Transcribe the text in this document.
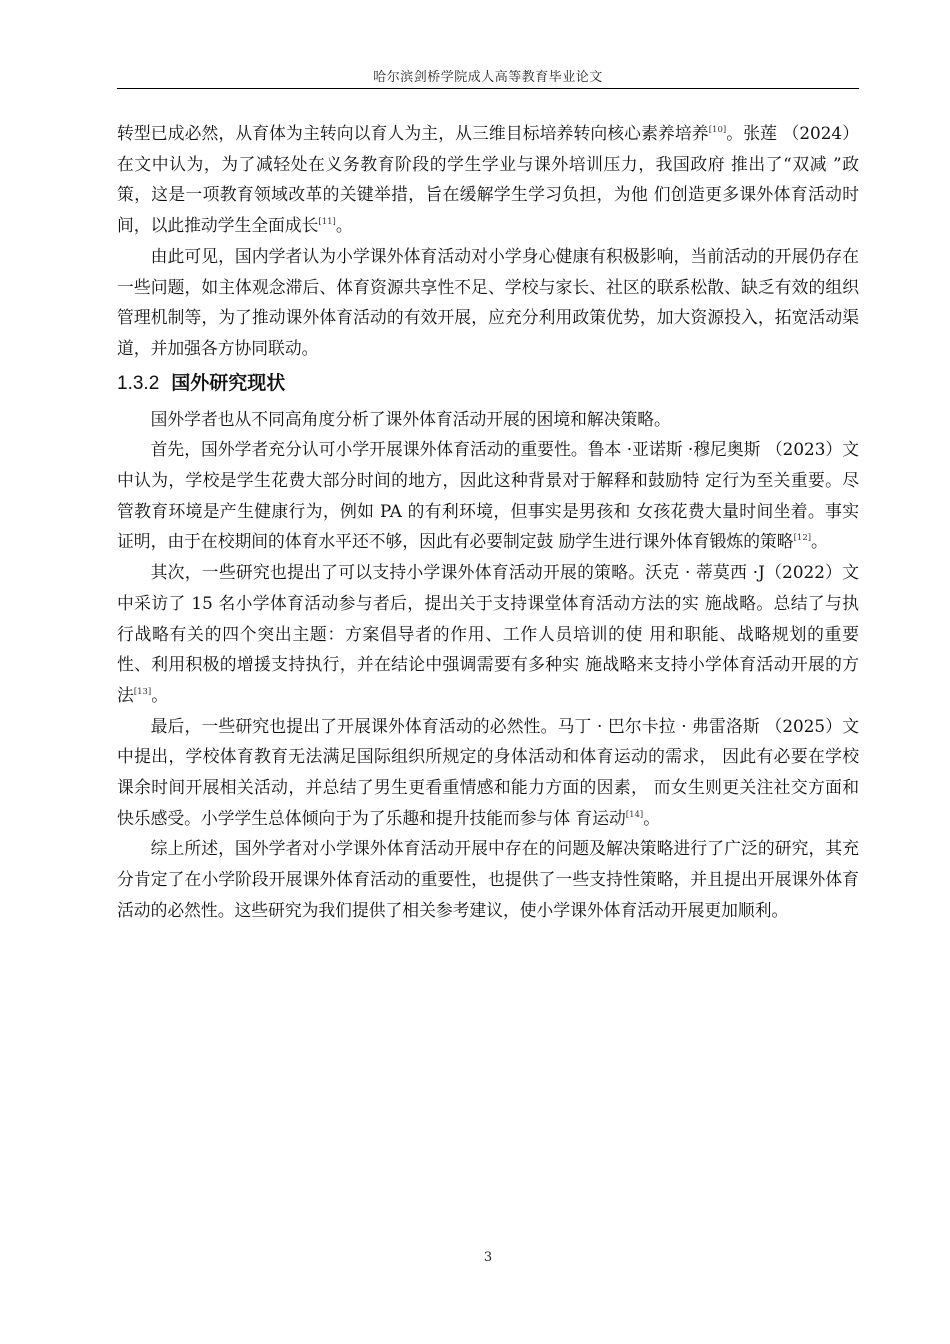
哈尔滨剑桥学院成人高等教育毕业论文

转型已成必然，从育体为主转向以育人为主，从三维目标培养转向核心素养培养[10]。张莲 （2024）在文中认为，为了减轻处在义务教育阶段的学生学业与课外培训压力，我国政府 推出了“双减 ”政策，这是一项教育领域改革的关键举措，旨在缓解学生学习负担，为他 们创造更多课外体育活动时间，以此推动学生全面成长[11]。

由此可见，国内学者认为小学课外体育活动对小学身心健康有积极影响，当前活动的开展仍存在一些问题，如主体观念滞后、体育资源共享性不足、学校与家长、社区的联系松散、缺乏有效的组织管理机制等，为了推动课外体育活动的有效开展，应充分利用政策优势，加大资源投入，拓宽活动渠道，并加强各方协同联动。

1.3.2 国外研究现状

国外学者也从不同高角度分析了课外体育活动开展的困境和解决策略。

首先，国外学者充分认可小学开展课外体育活动的重要性。鲁本 ·亚诺斯 ·穆尼奥斯 （2023）文中认为，学校是学生花费大部分时间的地方，因此这种背景对于解释和鼓励特 定行为至关重要。尽管教育环境是产生健康行为，例如 PA 的有利环境，但事实是男孩和 女孩花费大量时间坐着。事实证明，由于在校期间的体育水平还不够，因此有必要制定鼓 励学生进行课外体育锻炼的策略[12]。

其次，一些研究也提出了可以支持小学课外体育活动开展的策略。沃克 · 蒂莫西 ·J（2022）文中采访了 15 名小学体育活动参与者后，提出关于支持课堂体育活动方法的实 施战略。总结了与执行战略有关的四个突出主题：方案倡导者的作用、工作人员培训的使 用和职能、战略规划的重要性、利用积极的增援支持执行，并在结论中强调需要有多种实 施战略来支持小学体育活动开展的方法[13]。

最后，一些研究也提出了开展课外体育活动的必然性。马丁 · 巴尔卡拉 · 弗雷洛斯 （2025）文中提出，学校体育教育无法满足国际组织所规定的身体活动和体育运动的需求， 因此有必要在学校课余时间开展相关活动，并总结了男生更看重情感和能力方面的因素， 而女生则更关注社交方面和快乐感受。小学学生总体倾向于为了乐趣和提升技能而参与体 育运动[14]。

综上所述，国外学者对小学课外体育活动开展中存在的问题及解决策略进行了广泛的研究，其充分肯定了在小学阶段开展课外体育活动的重要性，也提供了一些支持性策略，并且提出开展课外体育活动的必然性。这些研究为我们提供了相关参考建议，使小学课外体育活动开展更加顺利。

3
